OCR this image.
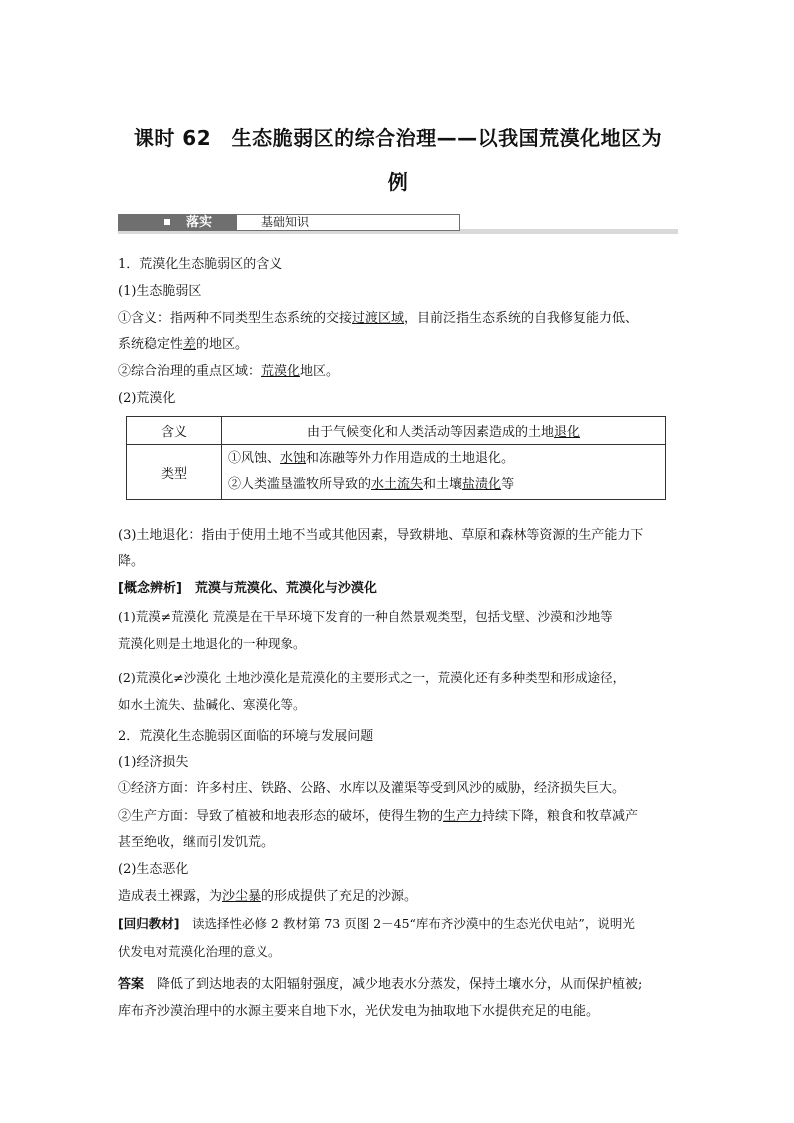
课时 62　生态脆弱区的综合治理——以我国荒漠化地区为
例
落实	基础知识
1．荒漠化生态脆弱区的含义
(1)生态脆弱区
①含义：指两种不同类型生态系统的交接过渡区域，目前泛指生态系统的自我修复能力低、
系统稳定性差的地区。
②综合治理的重点区域：荒漠化地区。
(2)荒漠化
含义	由于气候变化和人类活动等因素造成的土地退化
类型	①风蚀、水蚀和冻融等外力作用造成的土地退化。
②人类滥垦滥牧所导致的水土流失和土壤盐渍化等
(3)土地退化：指由于使用土地不当或其他因素，导致耕地、草原和森林等资源的生产能力下
降。
[概念辨析]　 荒漠与荒漠化、荒漠化与沙漠化
(1)荒漠≠荒漠化 荒漠是在干旱环境下发育的一种自然景观类型，包括戈壁、沙漠和沙地等
荒漠化则是土地退化的一种现象。
(2)荒漠化≠沙漠化 土地沙漠化是荒漠化的主要形式之一，荒漠化还有多种类型和形成途径，
如水土流失、盐碱化、寒漠化等。
2．荒漠化生态脆弱区面临的环境与发展问题
(1)经济损失
①经济方面：许多村庄、铁路、公路、水库以及灌渠等受到风沙的威胁，经济损失巨大。
②生产方面：导致了植被和地表形态的破坏，使得生物的生产力持续下降，粮食和牧草减产
甚至绝收，继而引发饥荒。
(2)生态恶化
造成表土裸露，为沙尘暴的形成提供了充足的沙源。
[回归教材]　 读选择性必修 2 教材第 73 页图 2－45“库布齐沙漠中的生态光伏电站”，说明光
伏发电对荒漠化治理的意义。
答案　 降低了到达地表的太阳辐射强度，减少地表水分蒸发，保持土壤水分，从而保护植被;
库布齐沙漠治理中的水源主要来自地下水，光伏发电为抽取地下水提供充足的电能。
